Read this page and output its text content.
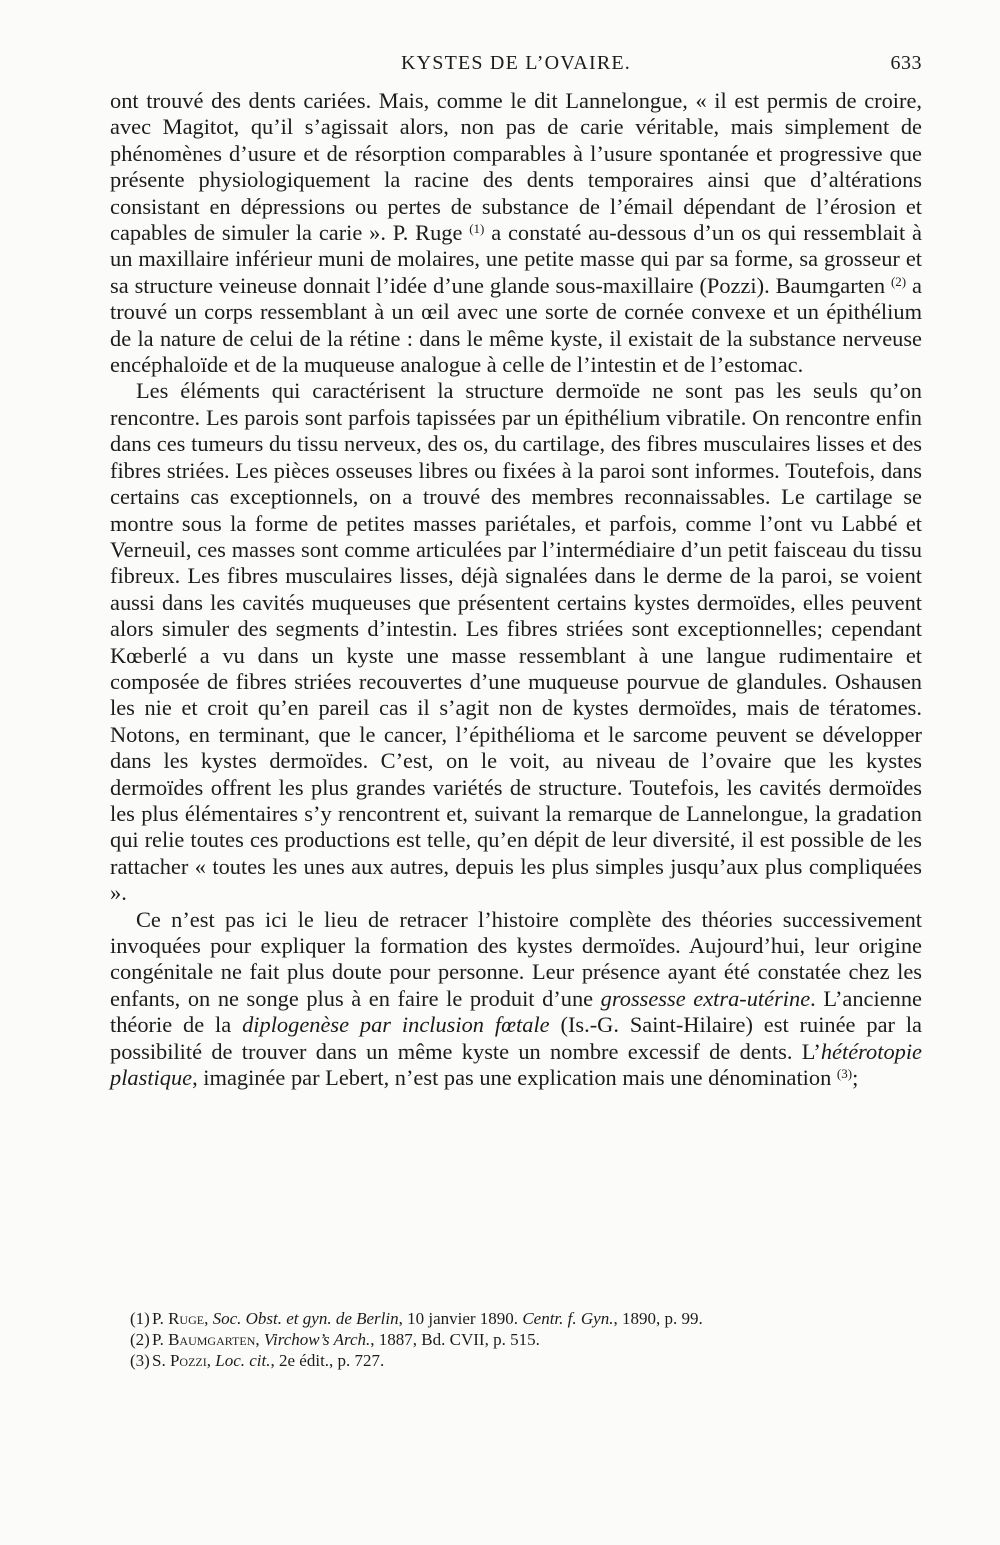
KYSTES DE L’OVAIRE.	633

ont trouvé des dents cariées. Mais, comme le dit Lannelongue, « il est permis de croire, avec Magitot, qu’il s’agissait alors, non pas de carie véritable, mais simplement de phénomènes d’usure et de résorption comparables à l’usure spontanée et progressive que présente physiologiquement la racine des dents temporaires ainsi que d’altérations consistant en dépressions ou pertes de substance de l’émail dépendant de l’érosion et capables de simuler la carie ». P. Ruge $^{(1)}$ a constaté au-dessous d’un os qui ressemblait à un maxillaire inférieur muni de molaires, une petite masse qui par sa forme, sa grosseur et sa structure veineuse donnait l’idée d’une glande sous-maxillaire (Pozzi). Baumgarten $^{(2)}$ a trouvé un corps ressemblant à un œil avec une sorte de cornée convexe et un épithélium de la nature de celui de la rétine : dans le même kyste, il existait de la substance nerveuse encéphaloïde et de la muqueuse analogue à celle de l’intestin et de l’estomac.

Les éléments qui caractérisent la structure dermoïde ne sont pas les seuls qu’on rencontre. Les parois sont parfois tapissées par un épithélium vibratile. On rencontre enfin dans ces tumeurs du tissu nerveux, des os, du cartilage, des fibres musculaires lisses et des fibres striées. Les pièces osseuses libres ou fixées à la paroi sont informes. Toutefois, dans certains cas exceptionnels, on a trouvé des membres reconnaissables. Le cartilage se montre sous la forme de petites masses pariétales, et parfois, comme l’ont vu Labbé et Verneuil, ces masses sont comme articulées par l’intermédiaire d’un petit faisceau du tissu fibreux. Les fibres musculaires lisses, déjà signalées dans le derme de la paroi, se voient aussi dans les cavités muqueuses que présentent certains kystes dermoïdes, elles peuvent alors simuler des segments d’intestin. Les fibres striées sont exceptionnelles; cependant Kœberlé a vu dans un kyste une masse ressemblant à une langue rudimentaire et composée de fibres striées recouvertes d’une muqueuse pourvue de glandules. Oshausen les nie et croit qu’en pareil cas il s’agit non de kystes dermoïdes, mais de tératomes. Notons, en terminant, que le cancer, l’épithélioma et le sarcome peuvent se développer dans les kystes dermoïdes. C’est, on le voit, au niveau de l’ovaire que les kystes dermoïdes offrent les plus grandes variétés de structure. Toutefois, les cavités dermoïdes les plus élémentaires s’y rencontrent et, suivant la remarque de Lannelongue, la gradation qui relie toutes ces productions est telle, qu’en dépit de leur diversité, il est possible de les rattacher « toutes les unes aux autres, depuis les plus simples jusqu’aux plus compliquées ».

Ce n’est pas ici le lieu de retracer l’histoire complète des théories successivement invoquées pour expliquer la formation des kystes dermoïdes. Aujourd’hui, leur origine congénitale ne fait plus doute pour personne. Leur présence ayant été constatée chez les enfants, on ne songe plus à en faire le produit d’une grossesse extra-utérine. L’ancienne théorie de la diplogenèse par inclusion fœtale (Is.-G. Saint-Hilaire) est ruinée par la possibilité de trouver dans un même kyste un nombre excessif de dents. L’hétérotopie plastique, imaginée par Lebert, n’est pas une explication mais une dénomination $^{(3)}$;

(1) P. Ruge, Soc. Obst. et gyn. de Berlin, 10 janvier 1890. Centr. f. Gyn., 1890, p. 99.

(2) P. Baumgarten, Virchow’s Arch., 1887, Bd. CVII, p. 515.

(3) S. Pozzi, Loc. cit., 2e édit., p. 727.
